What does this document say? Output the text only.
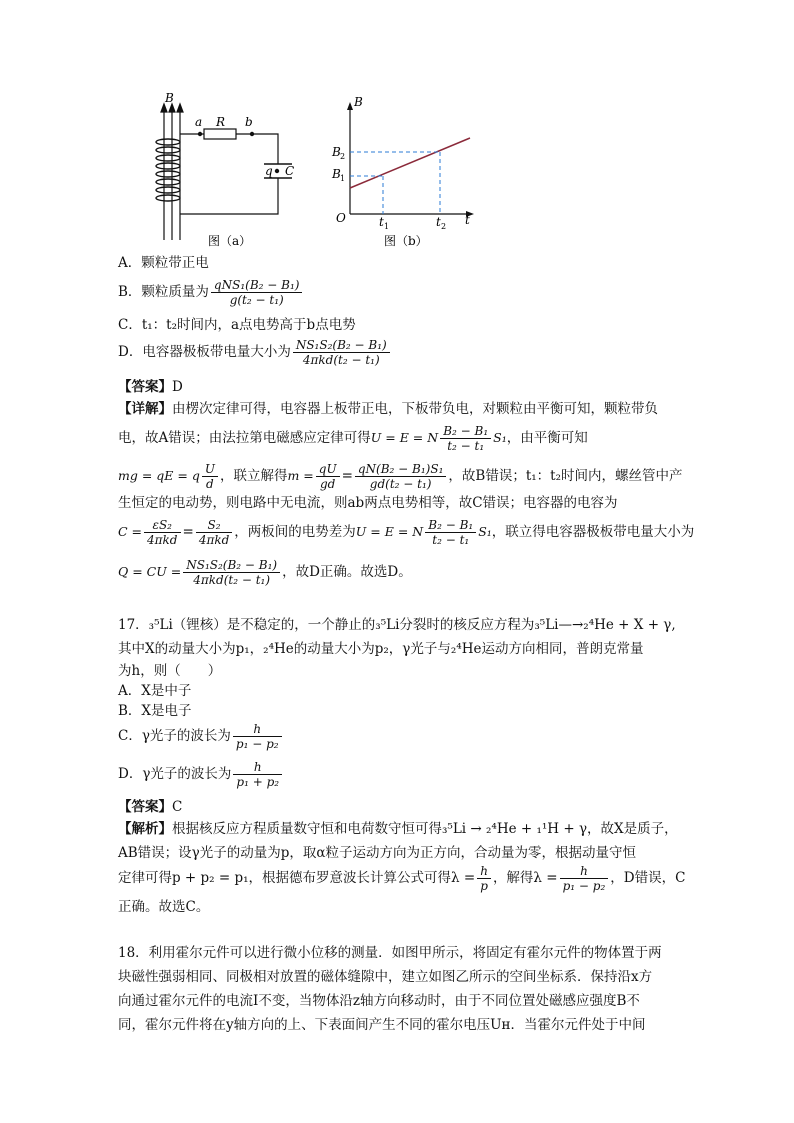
B
a R b
q C
图（a）
B
B 2
B 1
O	t 1	t 2 t
图（b）
A．颗粒带正电
B．颗粒质量为 $\frac{\text{qNS₁(B₂ − B₁)}}{\text{g(t₂ − t₁)}}$
C．t₁：t₂时间内，a点电势高于b点电势
D．电容器极板带电量大小为 $\frac{\text{NS₁S₂(B₂ − B₁)}}{\text{4πkd(t₂ − t₁)}}$
【答案】D
【详解】由楞次定律可得，电容器上板带正电，下板带负电，对颗粒由平衡可知，颗粒带负
电，故A错误；由法拉第电磁感应定律可得U = E = N $\frac{\text{B₂ − B₁}}{\text{t₂ − t₁}} S_1$，由平衡可知
mg = qE = q $\frac{U}{d}$ ，联立解得$m = \frac{qU}{gd} = \frac{\text{qN(B₂ − B₁)S₁}}{\text{gd(t₂ − t₁)}}$ ，故B错误；t₁：t₂时间内，螺丝管中产
生恒定的电动势，则电路中无电流，则ab两点电势相等，故C错误；电容器的电容为
$C = \frac{\text{εS₂}}{\text{4πkd}} = \frac{\text{S₂}}{\text{4πkd}}$ ，两板间的电势差为U = E = N $\frac{\text{B₂ − B₁}}{\text{t₂ − t₁}} S_1$，联立得电容器极板带电量大小为
Q = CU = $\frac{\text{NS₁S₂(B₂ − B₁)}}{\text{4πkd(t₂ − t₁)}}$ ，故D正确。故选D。
17．₃⁵Li（锂核）是不稳定的，一个静止的₃⁵Li分裂时的核反应方程为₃⁵Li—→₂⁴He + X + γ,
其中X的动量大小为p₁，₂⁴He的动量大小为p₂，γ光子与₂⁴He运动方向相同，普朗克常量
为h，则（　　）
A．X是中子
B．X是电子
C．γ光子的波长为 $\frac{h}{\text{p₁ − p₂}}$
D．γ光子的波长为 $\frac{h}{\text{p₁ + p₂}}$
【答案】C
【解析】根据核反应方程质量数守恒和电荷数守恒可得₃⁵Li → ₂⁴He + ₁¹H + γ，故X是质子，
AB错误；设γ光子的动量为p，取α粒子运动方向为正方向，合动量为零，根据动量守恒
定律可得p + p₂ = p₁，根据德布罗意波长计算公式可得$\lambda = \frac{h}{p}$ ，解得$\lambda = \frac{h}{\text{p₁ − p₂}}$ ，D错误，C
正确。故选C。
18．利用霍尔元件可以进行微小位移的测量．如图甲所示，将固定有霍尔元件的物体置于两
块磁性强弱相同、同极相对放置的磁体缝隙中，建立如图乙所示的空间坐标系．保持沿x方
向通过霍尔元件的电流I不变，当物体沿z轴方向移动时，由于不同位置处磁感应强度B不
同，霍尔元件将在y轴方向的上、下表面间产生不同的霍尔电压Uн．当霍尔元件处于中间
